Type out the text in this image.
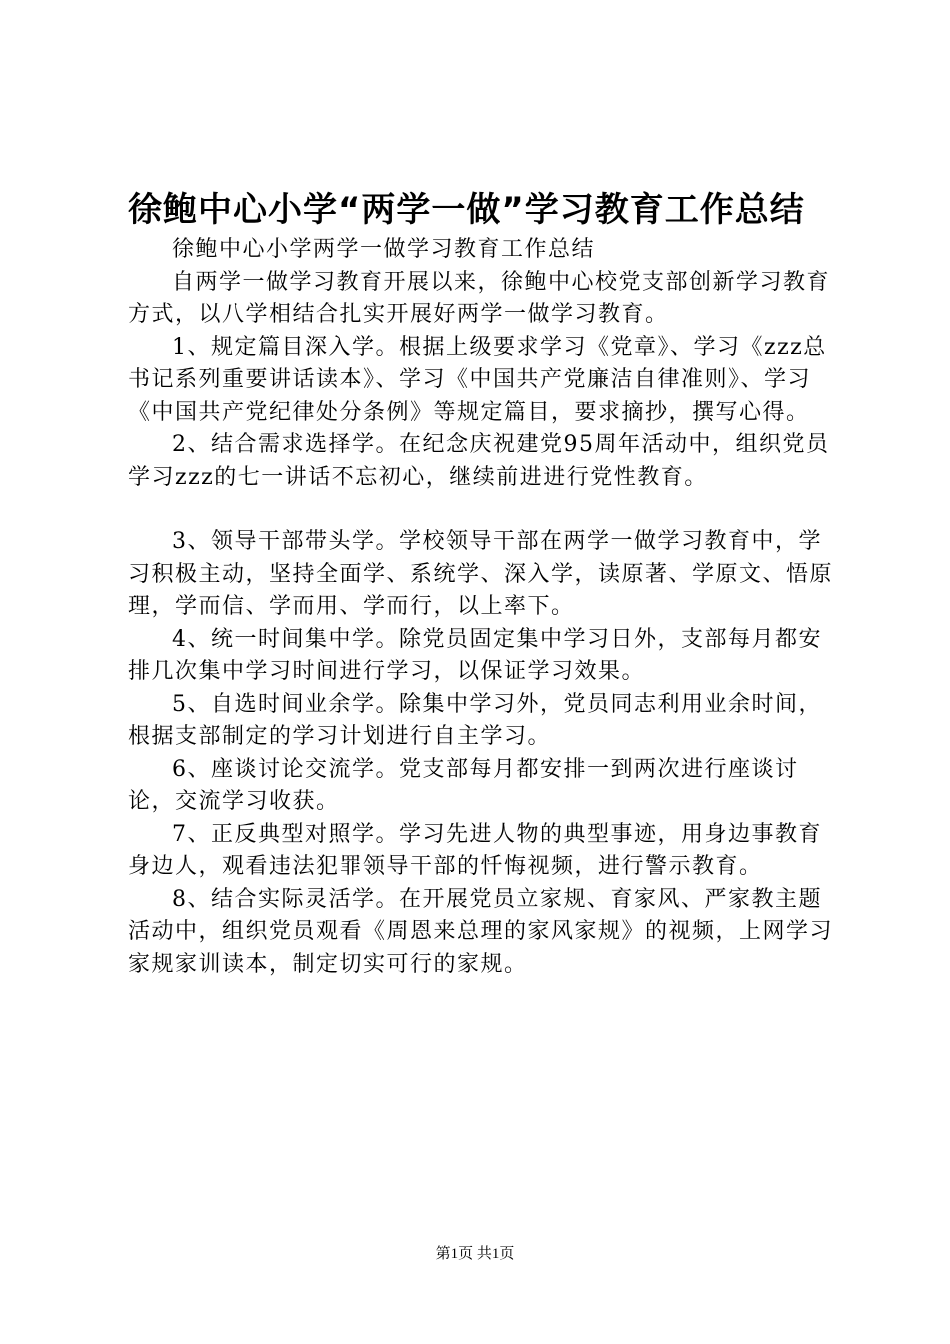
徐鲍中心小学“两学一做”学习教育工作总结

徐鲍中心小学两学一做学习教育工作总结

自两学一做学习教育开展以来，徐鲍中心校党支部创新学习教育方式，以八学相结合扎实开展好两学一做学习教育。

1、规定篇目深入学。根据上级要求学习《党章》、学习《zzz总书记系列重要讲话读本》、学习《中国共产党廉洁自律准则》、学习《中国共产党纪律处分条例》等规定篇目，要求摘抄，撰写心得。

2、结合需求选择学。在纪念庆祝建党95周年活动中，组织党员学习zzz的七一讲话不忘初心，继续前进进行党性教育。

3、领导干部带头学。学校领导干部在两学一做学习教育中，学习积极主动，坚持全面学、系统学、深入学，读原著、学原文、悟原理，学而信、学而用、学而行，以上率下。

4、统一时间集中学。除党员固定集中学习日外，支部每月都安排几次集中学习时间进行学习，以保证学习效果。

5、自选时间业余学。除集中学习外，党员同志利用业余时间，根据支部制定的学习计划进行自主学习。

6、座谈讨论交流学。党支部每月都安排一到两次进行座谈讨论，交流学习收获。

7、正反典型对照学。学习先进人物的典型事迹，用身边事教育身边人，观看违法犯罪领导干部的忏悔视频，进行警示教育。

8、结合实际灵活学。在开展党员立家规、育家风、严家教主题活动中，组织党员观看《周恩来总理的家风家规》的视频，上网学习家规家训读本，制定切实可行的家规。

第1页 共1页
